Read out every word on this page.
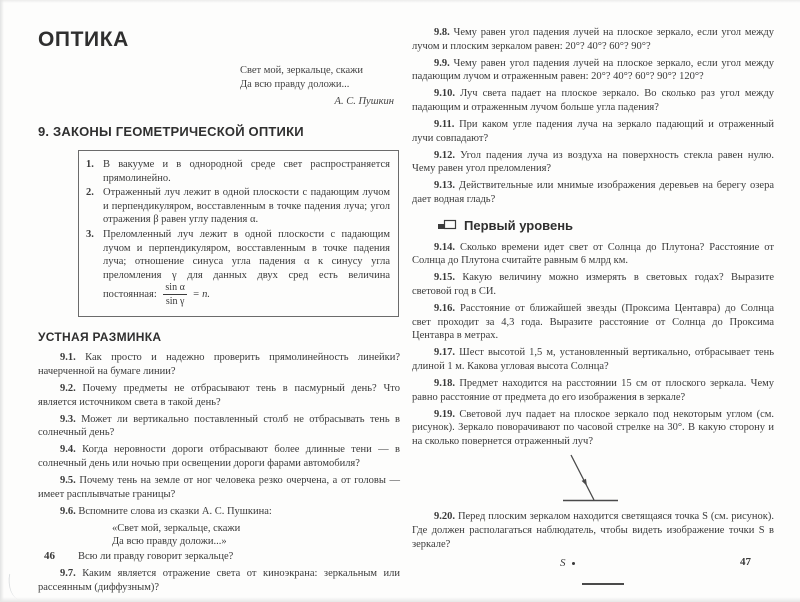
ОПТИКА
Свет мой, зеркальце, скажи
Да всю правду доложи...
А. С. Пушкин
9. ЗАКОНЫ ГЕОМЕТРИЧЕСКОЙ ОПТИКИ
1. В вакууме и в однородной среде свет распространяется прямолинейно.
2. Отраженный луч лежит в одной плоскости с падающим лучом и перпендикуляром, восставленным в точке падения луча; угол отражения β равен углу падения α.
3. Преломленный луч лежит в одной плоскости с падающим лучом и перпендикуляром, восставленным в точке падения луча; отношение синуса угла падения α к синусу угла преломления γ для данных двух сред есть величина постоянная: $\frac{\text{sin α}}{\text{sin γ}} = n$.
УСТНАЯ РАЗМИНКА

9.1. Как просто и надежно проверить прямолинейность линейки? начерченной на бумаге линии?

9.2. Почему предметы не отбрасывают тень в пасмурный день? Что является источником света в такой день?

9.3. Может ли вертикально поставленный столб не отбрасывать тень в солнечный день?

9.4. Когда неровности дороги отбрасывают более длинные тени — в солнечный день или ночью при освещении дороги фарами автомобиля?

9.5. Почему тень на земле от ног человека резко очерчена, а от головы — имеет расплывчатые границы?

9.6. Вспомните слова из сказки А. С. Пушкина:

«Свет мой, зеркальце, скажи
Да всю правду доложи...»

Всю ли правду говорит зеркальце?

9.7. Каким является отражение света от киноэкрана: зеркальным или рассеянным (диффузным)?

9.8. Чему равен угол падения лучей на плоское зеркало, если угол между лучом и плоским зеркалом равен: 20°? 40°? 60°? 90°?

9.9. Чему равен угол падения лучей на плоское зеркало, если угол между падающим лучом и отраженным равен: 20°? 40°? 60°? 90°? 120°?

9.10. Луч света падает на плоское зеркало. Во сколько раз угол между падающим и отраженным лучом больше угла падения?

9.11. При каком угле падения луча на зеркало падающий и отраженный лучи совпадают?

9.12. Угол падения луча из воздуха на поверхность стекла равен нулю. Чему равен угол преломления?

9.13. Действительные или мнимые изображения деревьев на берегу озера дает водная гладь?

Первый уровень

9.14. Сколько времени идет свет от Солнца до Плутона? Расстояние от Солнца до Плутона считайте равным 6 млрд км.

9.15. Какую величину можно измерять в световых годах? Выразите световой год в СИ.

9.16. Расстояние от ближайшей звезды (Проксима Центавра) до Солнца свет проходит за 4,3 года. Выразите расстояние от Солнца до Проксима Центавра в метрах.

9.17. Шест высотой 1,5 м, установленный вертикально, отбрасывает тень длиной 1 м. Какова угловая высота Солнца?

9.18. Предмет находится на расстоянии 15 см от плоского зеркала. Чему равно расстояние от предмета до его изображения в зеркале?

9.19. Световой луч падает на плоское зеркало под некоторым углом (см. рисунок). Зеркало поворачивают по часовой стрелке на 30°. В какую сторону и на сколько повернется отраженный луч?

9.20. Перед плоским зеркалом находится светящаяся точка S (см. рисунок). Где должен располагаться наблюдатель, чтобы видеть изображение точки S в зеркале?

S
46	47
